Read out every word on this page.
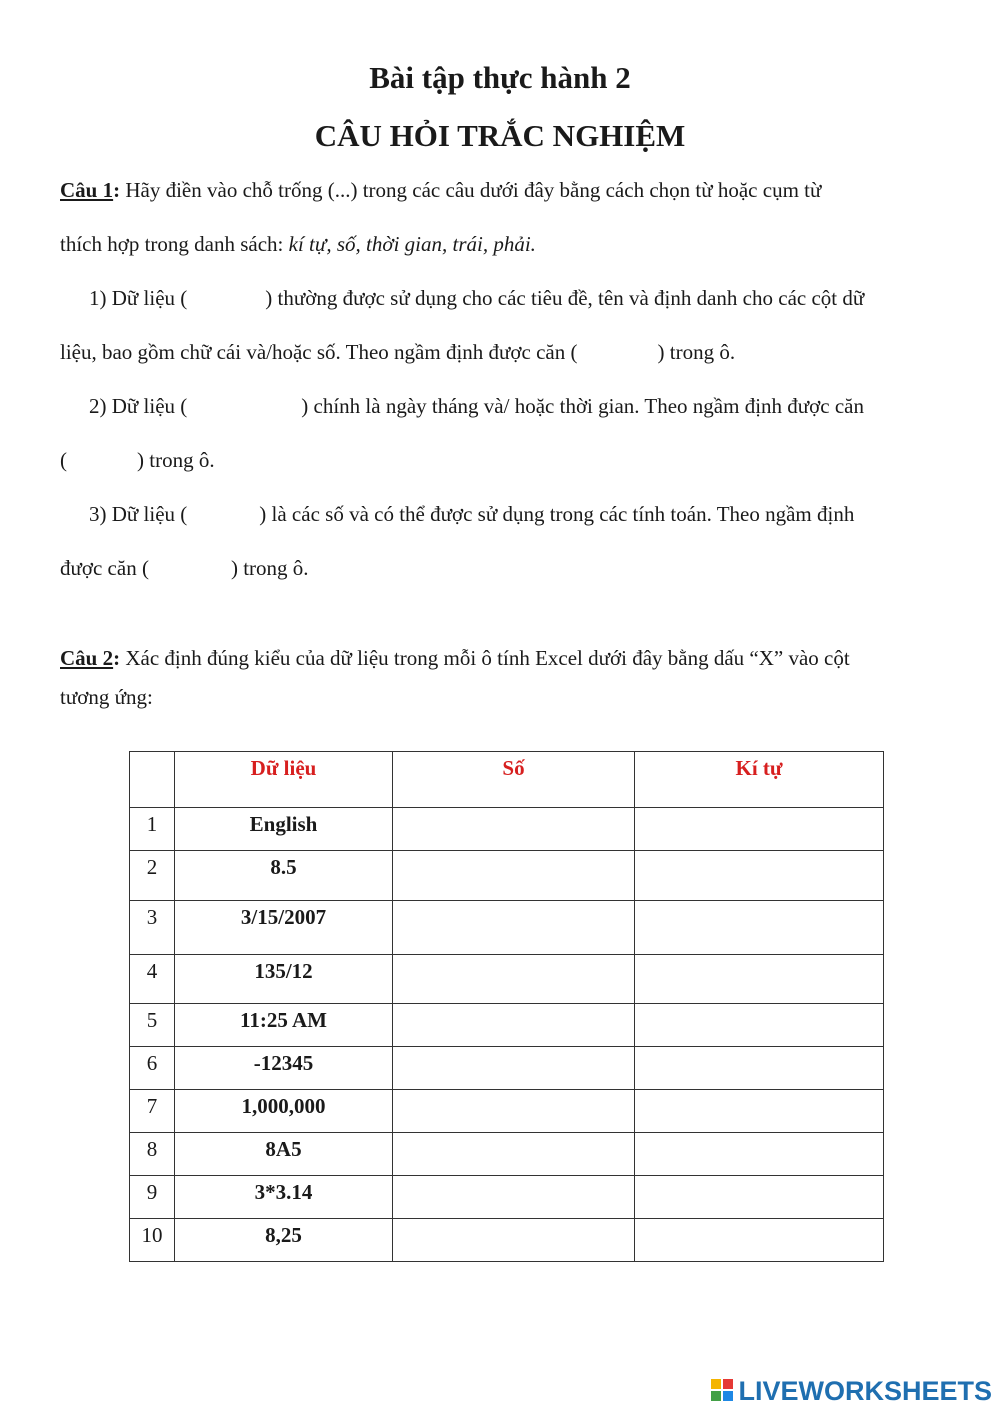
Bài tập thực hành 2
CÂU HỎI TRẮC NGHIỆM
Câu 1: Hãy điền vào chỗ trống (...) trong các câu dưới đây bằng cách chọn từ hoặc cụm từ
thích hợp trong danh sách: kí tự, số, thời gian, trái, phải.
1) Dữ liệu (	) thường được sử dụng cho các tiêu đề, tên và định danh cho các cột dữ
liệu, bao gồm chữ cái và/hoặc số. Theo ngầm định được căn (	) trong ô.
2) Dữ liệu (	) chính là ngày tháng và/ hoặc thời gian. Theo ngầm định được căn
(	) trong ô.
3) Dữ liệu (	) là các số và có thể được sử dụng trong các tính toán. Theo ngầm định
được căn (	) trong ô.
Câu 2: Xác định đúng kiểu của dữ liệu trong mỗi ô tính Excel dưới đây bằng dấu “X” vào cột
tương ứng:
	Dữ liệu	Số	Kí tự
1	English		
2	8.5		
3	3/15/2007		
4	135/12		
5	11:25 AM		
6	-12345		
7	1,000,000		
8	8A5		
9	3*3.14		
10	8,25		
LIVEWORKSHEETS
